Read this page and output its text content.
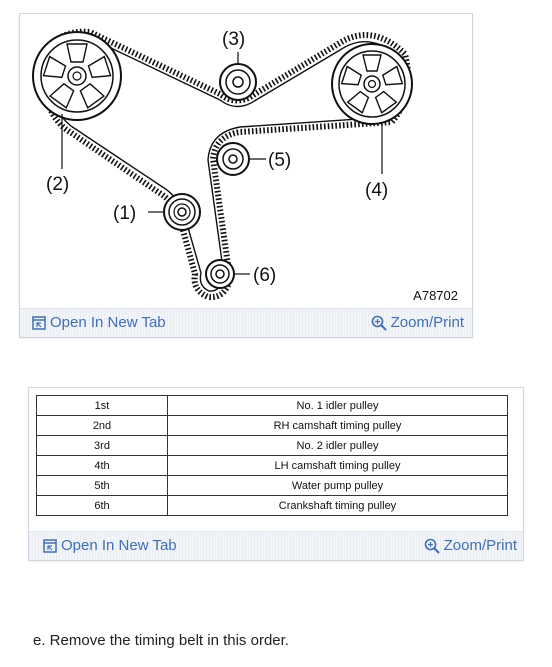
(2)
(3)
(4)
(5)
(1)
(6)
A78702
Open In New Tab	Zoom/Print
1st	No. 1 idler pulley
2nd	RH camshaft timing pulley
3rd	No. 2 idler pulley
4th	LH camshaft timing pulley
5th	Water pump pulley
6th	Crankshaft timing pulley
Open In New Tab	Zoom/Print
e. Remove the timing belt in this order.
